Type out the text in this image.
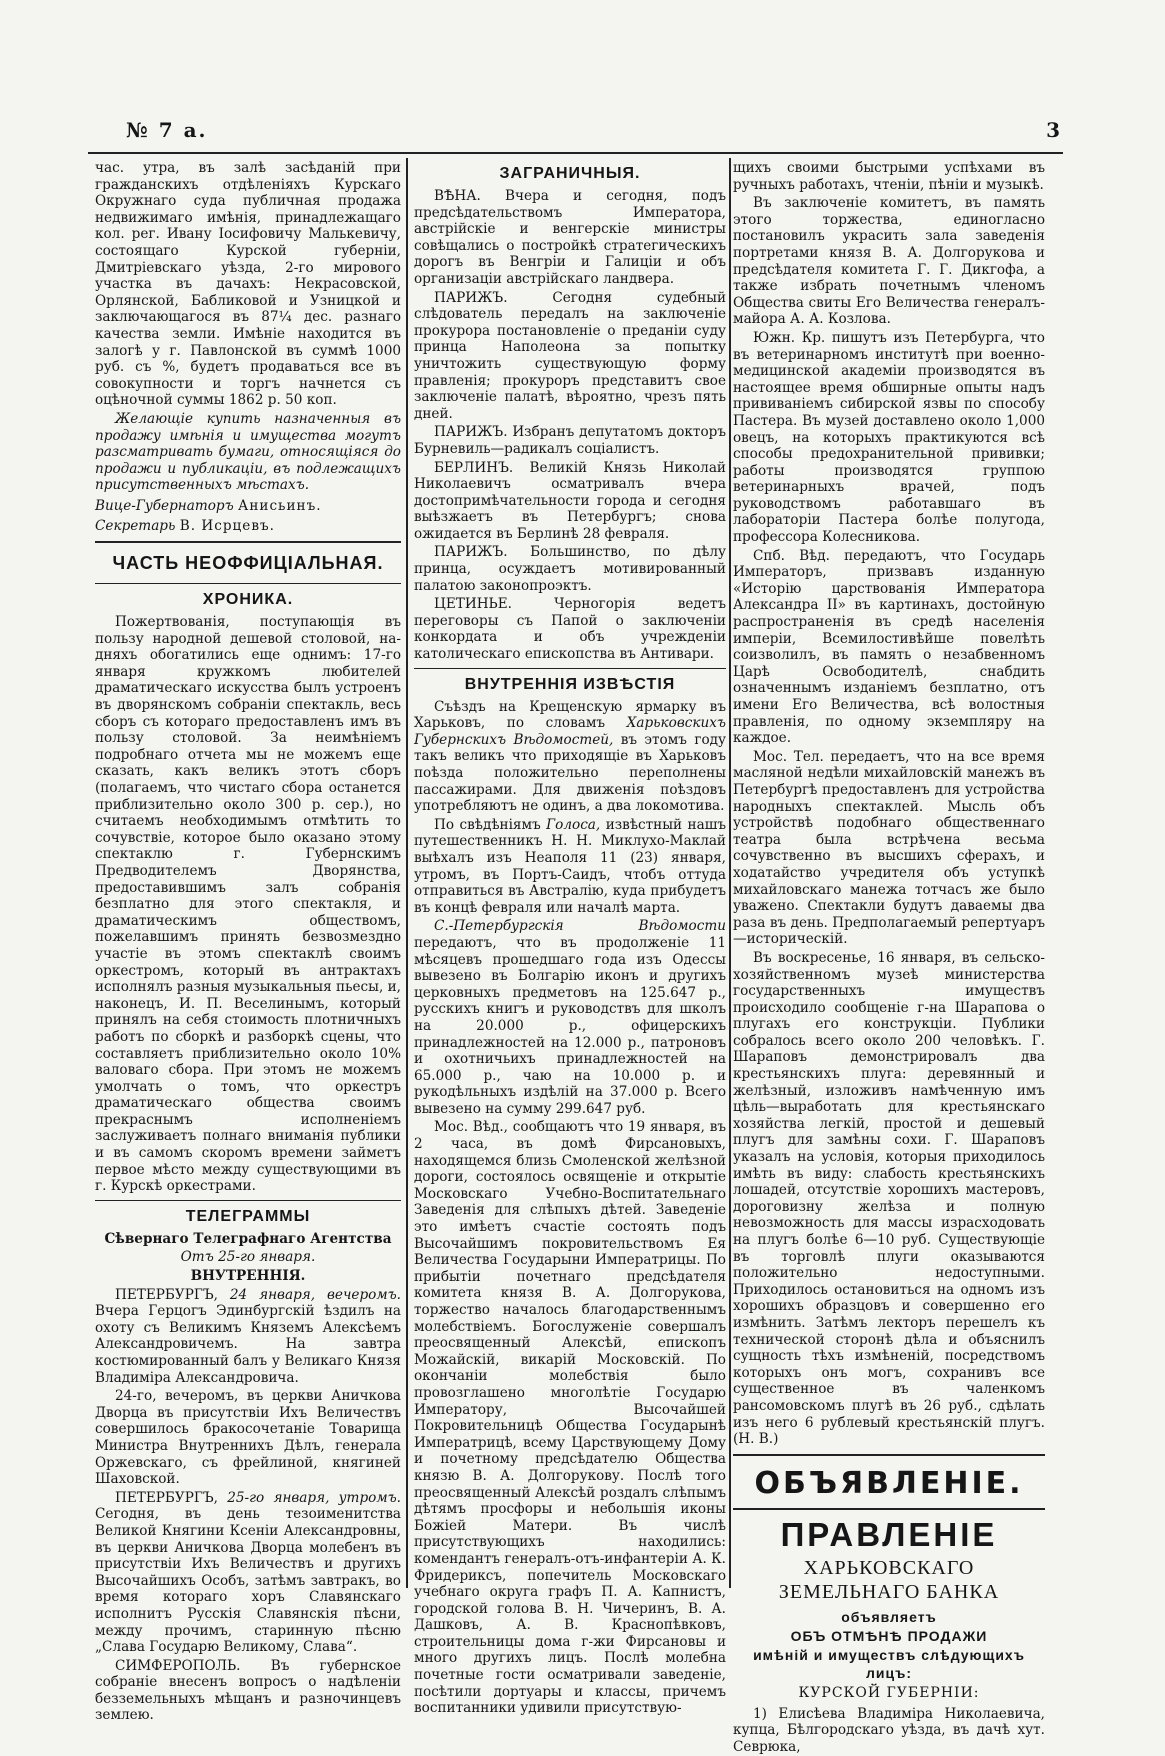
№ 7 a.	3

час. утра, въ залѣ засѣданій при гражданскихъ отдѣленіяхъ Курскаго Окружнаго суда публичная продажа недвижимаго имѣнія, принадлежащаго кол. рег. Ивану Іосифовичу Малькевичу, состоящаго Курской губерніи, Дмитріевскаго уѣзда, 2-го мирового участка въ дачахъ: Некрасовской, Орлянской, Бабликовой и Узницкой и заключающагося въ 87¼ дес. разнаго качества земли. Имѣніе находится въ залогѣ у г. Павлонской въ суммѣ 1000 руб. съ %, будетъ продаваться все въ совокупности и торгъ начнется съ оцѣночной суммы 1862 р. 50 коп.

Желающіе купить назначенныя въ продажу имѣнія и имущества могутъ разсматривать бумаги, относящіяся до продажи и публикаціи, въ подлежащихъ присутственныхъ мѣстахъ.

Вице-Губернаторъ Анисьинъ.

Секретарь В. Исрцевъ.

ЧАСТЬ НЕОФФИЦІАЛЬНАЯ.
ХРОНИКА.

Пожертвованія, поступающія въ пользу народной дешевой столовой, на-дняхъ обогатились еще однимъ: 17-го января кружкомъ любителей драматическаго искусства былъ устроенъ въ дворянскомъ собраніи спектакль, весь сборъ съ котораго предоставленъ имъ въ пользу столовой. За неимѣніемъ подробнаго отчета мы не можемъ еще сказать, какъ великъ этотъ сборъ (полагаемъ, что чистаго сбора останется приблизительно около 300 р. сер.), но считаемъ необходимымъ отмѣтить то сочувствіе, которое было оказано этому спектаклю г. Губернскимъ Предводителемъ Дворянства, предоставившимъ залъ собранія безплатно для этого спектакля, и драматическимъ обществомъ, пожелавшимъ принять безвозмездно участіе въ этомъ спектаклѣ своимъ оркестромъ, который въ антрактахъ исполнялъ разныя музыкальныя пьесы, и, наконецъ, И. П. Веселинымъ, который принялъ на себя стоимость плотничныхъ работъ по сборкѣ и разборкѣ сцены, что составляетъ приблизительно около 10% валоваго сбора. При этомъ не можемъ умолчать о томъ, что оркестръ драматическаго общества своимъ прекраснымъ исполненіемъ заслуживаетъ полнаго вниманія публики и въ самомъ скоромъ времени займетъ первое мѣсто между существующими въ г. Курскѣ оркестрами.

ТЕЛЕГРАММЫ
Сѣвернаго Телеграфнаго Агентства
Отъ 25-го января.
ВНУТРЕННІЯ.

ПЕТЕРБУРГЪ, 24 января, вечеромъ. Вчера Герцогъ Эдинбургскій ѣздилъ на охоту съ Великимъ Княземъ Алексѣемъ Александровичемъ. На завтра костюмированный балъ у Великаго Князя Владиміра Александровича.

24-го, вечеромъ, въ церкви Аничкова Дворца въ присутствіи Ихъ Величествъ совершилось бракосочетаніе Товарища Министра Внутреннихъ Дѣлъ, генерала Оржевскаго, съ фрейлиной, княгиней Шаховской.

ПЕТЕРБУРГЪ, 25-го января, утромъ. Сегодня, въ день тезоименитства Великой Княгини Ксеніи Александровны, въ церкви Аничкова Дворца молебенъ въ присутствіи Ихъ Величествъ и другихъ Высочайшихъ Особъ, затѣмъ завтракъ, во время котораго хоръ Славянскаго исполнитъ Русскія Славянскія пѣсни, между прочимъ, старинную пѣсню „Слава Государю Великому, Слава“.

СИМФЕРОПОЛЬ. Въ губернское собраніе внесенъ вопросъ о надѣленіи безземельныхъ мѣщанъ и разночинцевъ землею.

ЗАГРАНИЧНЫЯ.

ВѢНА. Вчера и сегодня, подъ предсѣдательствомъ Императора, австрійскіе и венгерскіе министры совѣщались о постройкѣ стратегическихъ дорогъ въ Венгріи и Галиціи и объ организаціи австрійскаго ландвера.

ПАРИЖЪ.	Сегодня судебный слѣдователь передалъ на заключеніе прокурора постановленіе о преданіи суду принца Наполеона за попытку уничтожить существующую форму правленія; прокуроръ представитъ свое заключеніе палатѣ, вѣроятно, чрезъ пять дней.

ПАРИЖЪ. Избранъ депутатомъ докторъ Бурневиль—радикалъ соціалистъ.

БЕРЛИНЪ. Великій Князь Николай Николаевичъ осматривалъ вчера достопримѣчательности города и сегодня выѣзжаетъ въ Петербургъ; снова ожидается въ Берлинѣ 28 февраля.

ПАРИЖЪ. Большинство, по дѣлу принца, осуждаетъ мотивированный палатою законопроэктъ.

ЦЕТИНЬЕ.	Черногорія ведетъ переговоры съ Папой о заключеніи конкордата и объ учрежденіи католическаго епископства въ Антивари.

ВНУТРЕННІЯ ИЗВѢСТІЯ

Съѣздъ на Крещенскую ярмарку въ Харьковъ, по словамъ Харьковскихъ Губернскихъ Вѣдомостей, въ этомъ году такъ великъ что приходящіе въ Харьковъ поѣзда положительно переполнены пассажирами. Для движенія поѣздовъ употребляютъ не одинъ, а два локомотива.

По свѣдѣніямъ Голоса, извѣстный нашъ путешественникъ Н. Н. Миклухо-Маклай выѣхалъ изъ Неаполя 11 (23) января, утромъ, въ Портъ-Саидъ, чтобъ оттуда отправиться въ Австралію, куда прибудетъ въ концѣ февраля или началѣ марта.

С.-Петербургскія Вѣдомости передаютъ, что въ продолженіе 11 мѣсяцевъ прошедшаго года изъ Одессы вывезено въ Болгарію иконъ и другихъ церковныхъ предметовъ на 125.647 р., русскихъ книгъ и руководствъ для школъ на 20.000 р., офицерскихъ принадлежностей на 12.000 р., патроновъ и охотничьихъ принадлежностей на 65.000 р., чаю на 10.000 р. и рукодѣльныхъ издѣлій на 37.000 р. Всего вывезено на сумму 299.647 руб.

Мос. Вѣд., сообщаютъ что 19 января, въ 2 часа, въ домѣ Фирсановыхъ, находящемся близь Смоленской желѣзной дороги, состоялось освященіе и открытіе Московскаго Учебно-Воспитательнаго Заведенія для слѣпыхъ дѣтей. Заведеніе это имѣетъ счастіе состоять подъ Высочайшимъ покровительствомъ Ея Величества Государыни Императрицы. По прибытіи почетнаго предсѣдателя комитета князя В. А. Долгорукова, торжество началось благодарственнымъ молебствіемъ. Богослуженіе совершалъ преосвященный Алексѣй, епископъ Можайскій, викарій Московскій. По окончаніи молебствія было провозглашено многолѣтіе Государю Императору, Высочайшей Покровительницѣ Общества Государынѣ Императрицѣ, всему Царствующему Дому и почетному предсѣдателю Общества князю В. А. Долгорукову. Послѣ того преосвященный Алексѣй роздалъ слѣпымъ дѣтямъ просфоры и небольшія иконы Божіей Матери. Въ числѣ присутствующихъ находились: комендантъ генералъ-отъ-инфантеріи А. К. Фридериксъ, попечитель Московскаго учебнаго округа графъ П. А. Капнистъ, городской голова В. Н. Чичеринъ, В. А. Дашковъ, А. В. Краснопѣвковъ, строительницы дома г-жи Фирсановы и много другихъ лицъ. Послѣ молебна почетные гости осматривали заведеніе, посѣтили дортуары и классы, причемъ воспитанники удивили присутствую-

щихъ своими быстрыми успѣхами въ ручныхъ работахъ, чтеніи, пѣніи и музыкѣ.

Въ заключеніе комитетъ, въ память этого торжества, единогласно постановилъ украсить зала заведенія портретами князя В. А. Долгорукова и предсѣдателя комитета Г. Г. Дикгофа, а также избрать почетнымъ членомъ Общества свиты Его Величества генералъ-майора А. А. Козлова.

Южн. Кр. пишутъ изъ Петербурга, что въ ветеринарномъ институтѣ при военно-медицинской академіи производятся въ настоящее время обширные опыты надъ прививаніемъ сибирской язвы по способу Пастера. Въ музей доставлено около 1,000 овецъ, на которыхъ практикуются всѣ способы предохранительной прививки; работы производятся группою ветеринарныхъ врачей, подъ руководствомъ работавшаго въ лабораторіи Пастера болѣе полугода, профессора Колесникова.

Спб. Вѣд. передаютъ, что Государь Императоръ, призвавъ изданную «Исторію царствованія Императора Александра II» въ картинахъ, достойную распространенія въ средѣ населенія имперіи, Всемилостивѣйше повелѣть соизволилъ, въ память о незабвенномъ Царѣ Освободителѣ, снабдить означеннымъ изданіемъ безплатно, отъ имени Его Величества, всѣ волостныя правленія, по одному экземпляру на каждое.

Мос. Тел. передаетъ, что на все время масляной недѣли михайловскій манежъ въ Петербургѣ предоставленъ для устройства народныхъ спектаклей. Мысль объ устройствѣ подобнаго общественнаго театра была встрѣчена весьма сочувственно въ высшихъ сферахъ, и ходатайство учредителя объ уступкѣ михайловскаго манежа тотчасъ же было уважено. Спектакли будутъ даваемы два раза въ день. Предполагаемый репертуаръ—историческій.

Въ воскресенье, 16 января, въ сельско-хозяйственномъ музеѣ министерства государственныхъ имуществъ происходило сообщеніе г-на Шарапова о плугахъ его конструкціи. Публики собралось всего около 200 человѣкъ. Г. Шараповъ демонстрировалъ два крестьянскихъ плуга: деревянный и желѣзный, изложивъ намѣченную имъ цѣль—выработать для крестьянскаго хозяйства легкій, простой и дешевый плугъ для замѣны сохи. Г. Шараповъ указалъ на условія, которыя приходилось имѣть въ виду: слабость крестьянскихъ лошадей, отсутствіе хорошихъ мастеровъ, дороговизну желѣза и полную невозможность для массы израсходовать на плугъ болѣе 6—10 руб. Существующіе въ торговлѣ плуги оказываются положительно недоступными. Приходилось остановиться на одномъ изъ хорошихъ образцовъ и совершенно его измѣнить. Затѣмъ лекторъ перешелъ къ технической сторонѣ дѣла и объяснилъ сущность тѣхъ измѣненій, посредствомъ которыхъ онъ могъ, сохранивъ все существенное въ чаленкомъ ранcомовскомъ плугѣ въ 26 руб., сдѣлать изъ него 6 рублевый крестьянскій плугъ. (Н. В.)

ОБЪЯВЛЕНІЕ.
ПРАВЛЕНІЕ
ХАРЬКОВСКАГО ЗЕМЕЛЬНАГО БАНКА
объявляетъ
ОБЪ ОТМѢНѢ ПРОДАЖИ
имѣній и имуществъ слѣдующихъ лицъ:
КУРСКОЙ ГУБЕРНІИ:

1) Елисѣева Владиміра Николаевича, купца, Бѣлгородскаго уѣзда, въ дачѣ хут. Севрюка,
